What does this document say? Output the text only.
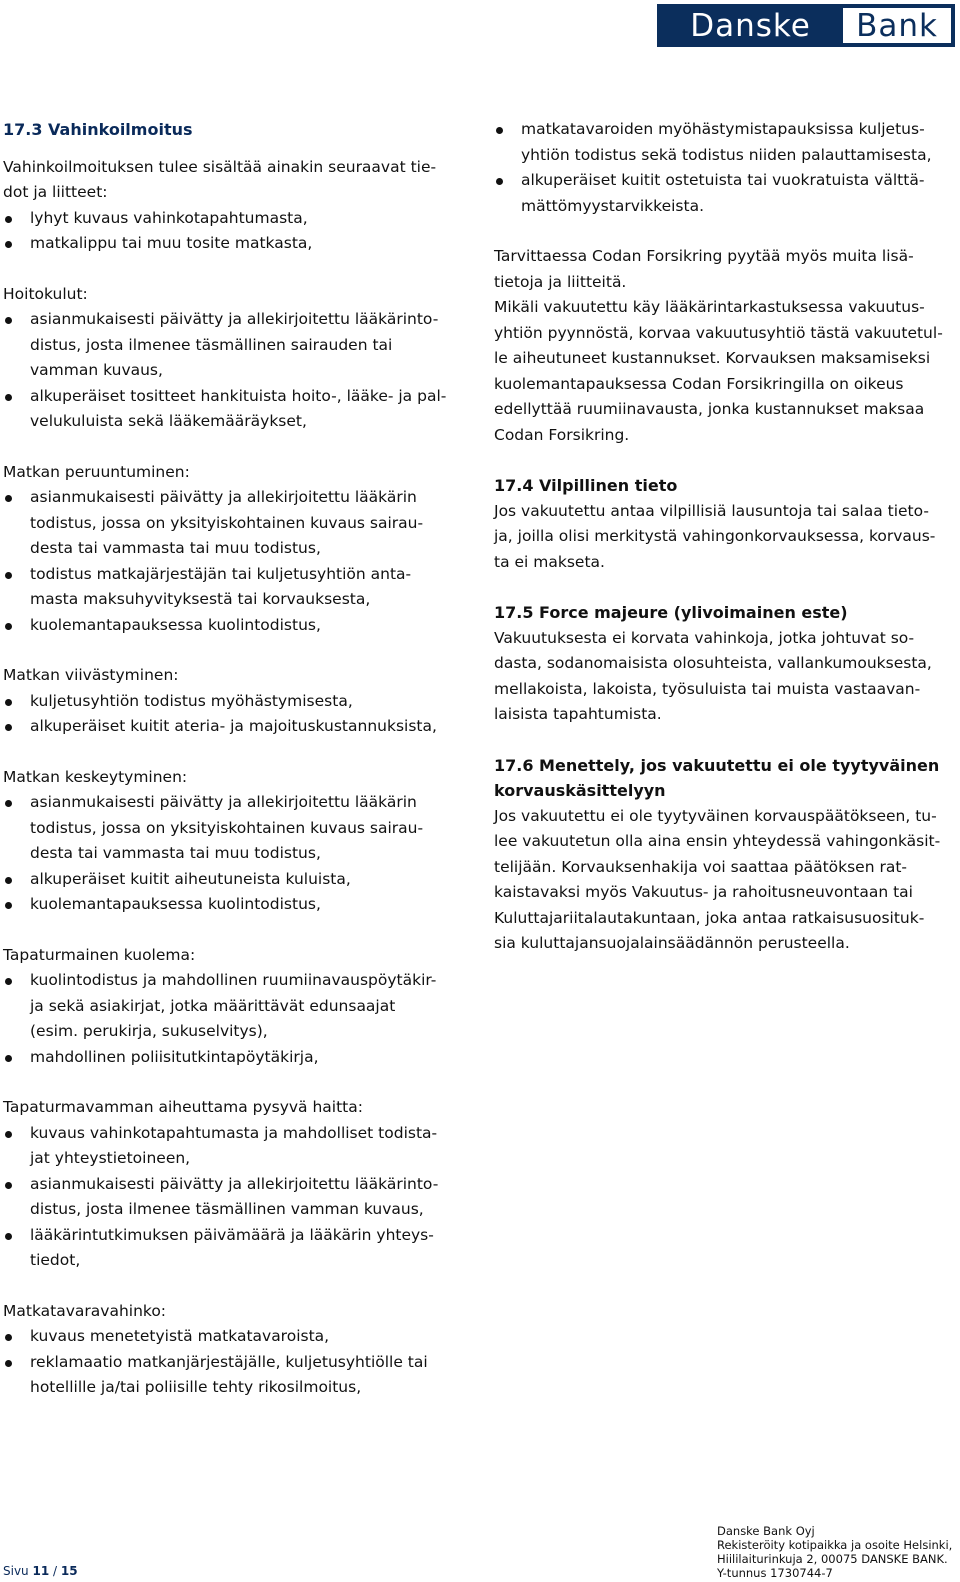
Danske	Bank

17.3 Vahinkoilmoitus

Vahinkoilmoituksen tulee sisältää ainakin seuraavat tie-
dot ja liitteet:

lyhyt kuvaus vahinkotapahtumasta,
matkalippu tai muu tosite matkasta,

Hoitokulut:

asianmukaisesti päivätty ja allekirjoitettu lääkärinto-
distus, josta ilmenee täsmällinen sairauden tai
vamman kuvaus,
alkuperäiset tositteet hankituista hoito-, lääke- ja pal-
velukuluista sekä lääkemääräykset,

Matkan peruuntuminen:

asianmukaisesti päivätty ja allekirjoitettu lääkärin
todistus, jossa on yksityiskohtainen kuvaus sairau-
desta tai vammasta tai muu todistus,
todistus matkajärjestäjän tai kuljetusyhtiön anta-
masta maksuhyvityksestä tai korvauksesta,
kuolemantapauksessa kuolintodistus,

Matkan viivästyminen:

kuljetusyhtiön todistus myöhästymisesta,
alkuperäiset kuitit ateria- ja majoituskustannuksista,

Matkan keskeytyminen:

asianmukaisesti päivätty ja allekirjoitettu lääkärin
todistus, jossa on yksityiskohtainen kuvaus sairau-
desta tai vammasta tai muu todistus,
alkuperäiset kuitit aiheutuneista kuluista,
kuolemantapauksessa kuolintodistus,

Tapaturmainen kuolema:

kuolintodistus ja mahdollinen ruumiinavauspöytäkir-
ja sekä asiakirjat, jotka määrittävät edunsaajat
(esim. perukirja, sukuselvitys),
mahdollinen poliisitutkintapöytäkirja,

Tapaturmavamman aiheuttama pysyvä haitta:

kuvaus vahinkotapahtumasta ja mahdolliset todista-
jat yhteystietoineen,
asianmukaisesti päivätty ja allekirjoitettu lääkärinto-
distus, josta ilmenee täsmällinen vamman kuvaus,
lääkärintutkimuksen päivämäärä ja lääkärin yhteys-
tiedot,

Matkatavaravahinko:

kuvaus menetetyistä matkatavaroista,
reklamaatio matkanjärjestäjälle, kuljetusyhtiölle tai
hotellille ja/tai poliisille tehty rikosilmoitus,
matkatavaroiden myöhästymistapauksissa kuljetus-
yhtiön todistus sekä todistus niiden palauttamisesta,
alkuperäiset kuitit ostetuista tai vuokratuista välttä-
mättömyystarvikkeista.

Tarvittaessa Codan Forsikring pyytää myös muita lisä-
tietoja ja liitteitä.

Mikäli vakuutettu käy lääkärintarkastuksessa vakuutus-
yhtiön pyynnöstä, korvaa vakuutusyhtiö tästä vakuutetul-
le aiheutuneet kustannukset. Korvauksen maksamiseksi
kuolemantapauksessa Codan Forsikringilla on oikeus
edellyttää ruumiinavausta, jonka kustannukset maksaa
Codan Forsikring.

17.4 Vilpillinen tieto

Jos vakuutettu antaa vilpillisiä lausuntoja tai salaa tieto-
ja, joilla olisi merkitystä vahingonkorvauksessa, korvaus-
ta ei makseta.

17.5 Force majeure (ylivoimainen este)

Vakuutuksesta ei korvata vahinkoja, jotka johtuvat so-
dasta, sodanomaisista olosuhteista, vallankumouksesta,
mellakoista, lakoista, työsuluista tai muista vastaavan-
laisista tapahtumista.

17.6 Menettely, jos vakuutettu ei ole tyytyväinen
korvauskäsittelyyn

Jos vakuutettu ei ole tyytyväinen korvauspäätökseen, tu-
lee vakuutetun olla aina ensin yhteydessä vahingonkäsit-
telijään. Korvauksenhakija voi saattaa päätöksen rat-
kaistavaksi myös Vakuutus- ja rahoitusneuvontaan tai
Kuluttajariitalautakuntaan, joka antaa ratkaisusuosituk-
sia kuluttajansuojalainsäädännön perusteella.

Sivu 11 / 15
Danske Bank Oyj
Rekisteröity kotipaikka ja osoite Helsinki,
Hiililaiturinkuja 2, 00075 DANSKE BANK.
Y-tunnus 1730744-7
